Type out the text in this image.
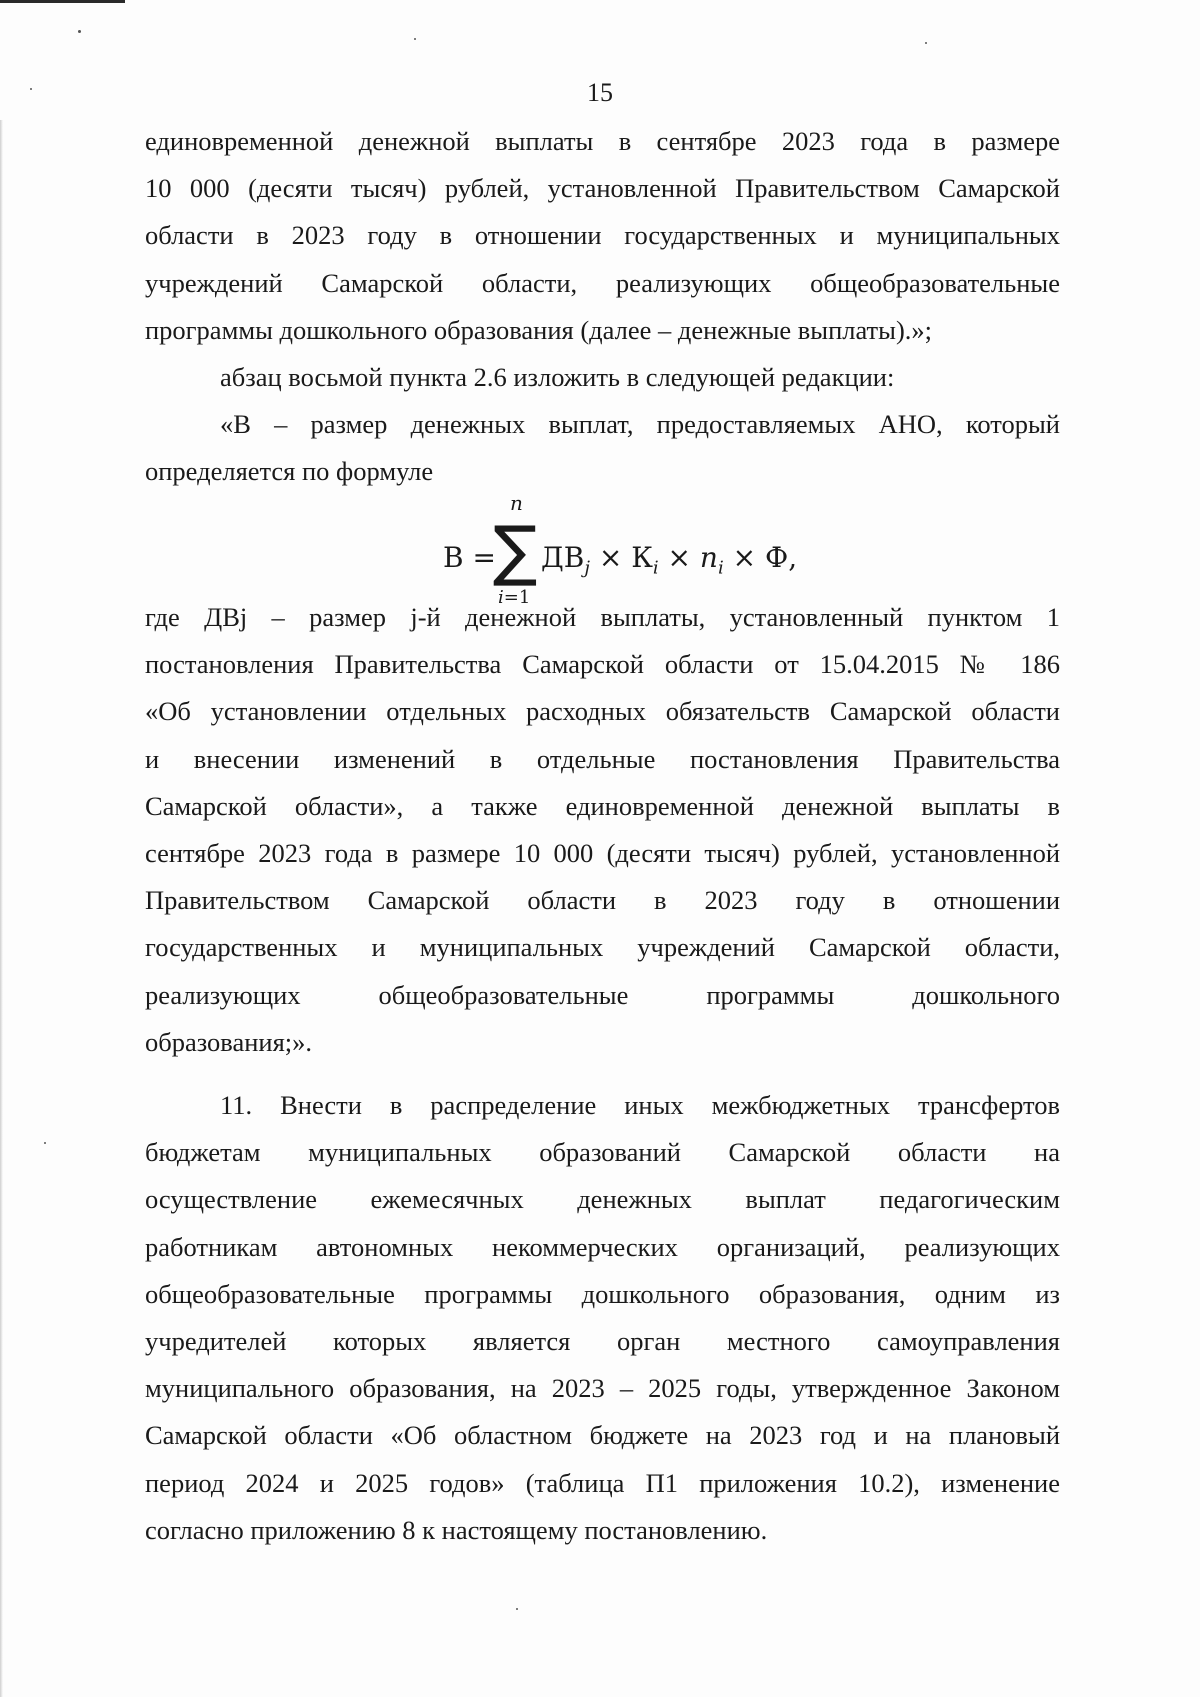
15
единовременной денежной выплаты в сентябре 2023 года в размере
10 000 (десяти тысяч) рублей, установленной Правительством Самарской
области в 2023 году в отношении государственных и муниципальных
учреждений Самарской области, реализующих общеобразовательные
программы дошкольного образования (далее – денежные выплаты).»;
абзац восьмой пункта 2.6 изложить в следующей редакции:
«В – размер денежных выплат, предоставляемых АНО, который
определяется по формуле
В =
n
∑
i=1
$ДВ_j \times К_i \times n_i \times Ф$,
где ДВj – размер j-й денежной выплаты, установленный пунктом 1
постановления Правительства Самарской области от 15.04.2015 № 186
«Об установлении отдельных расходных обязательств Самарской области
и внесении изменений в отдельные постановления Правительства
Самарской области», а также единовременной денежной выплаты в
сентябре 2023 года в размере 10 000 (десяти тысяч) рублей, установленной
Правительством Самарской области в 2023 году в отношении
государственных и муниципальных учреждений Самарской области,
реализующих общеобразовательные программы дошкольного
образования;».
11. Внести в распределение иных межбюджетных трансфертов
бюджетам муниципальных образований Самарской области на
осуществление ежемесячных денежных выплат педагогическим
работникам автономных некоммерческих организаций, реализующих
общеобразовательные программы дошкольного образования, одним из
учредителей которых является орган местного самоуправления
муниципального образования, на 2023 – 2025 годы, утвержденное Законом
Самарской области «Об областном бюджете на 2023 год и на плановый
период 2024 и 2025 годов» (таблица П1 приложения 10.2), изменение
согласно приложению 8 к настоящему постановлению.
